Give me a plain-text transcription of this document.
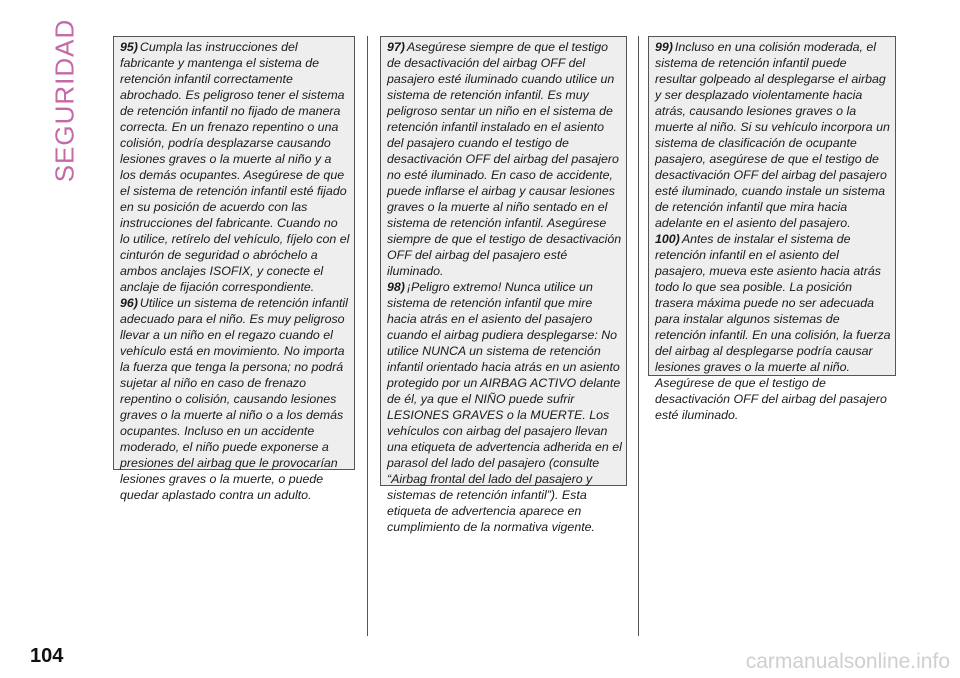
SEGURIDAD	95) Cumpla las instrucciones del fabricante y mantenga el sistema de retención infantil correctamente abrochado. Es peligroso tener el sistema de retención infantil no fijado de manera correcta. En un frenazo repentino o una colisión, podría desplazarse causando lesiones graves o la muerte al niño y a los demás ocupantes. Asegúrese de que el sistema de retención infantil esté fijado en su posición de acuerdo con las instrucciones del fabricante. Cuando no lo utilice, retírelo del vehículo, fíjelo con el cinturón de seguridad o abróchelo a ambos anclajes ISOFIX, y conecte el anclaje de fijación correspondiente.

96) Utilice un sistema de retención infantil adecuado para el niño. Es muy peligroso llevar a un niño en el regazo cuando el vehículo está en movimiento. No importa la fuerza que tenga la persona; no podrá sujetar al niño en caso de frenazo repentino o colisión, causando lesiones graves o la muerte al niño o a los demás ocupantes. Incluso en un accidente moderado, el niño puede exponerse a presiones del airbag que le provocarían lesiones graves o la muerte, o puede quedar aplastado contra un adulto.

97) Asegúrese siempre de que el testigo de desactivación del airbag OFF del pasajero esté iluminado cuando utilice un sistema de retención infantil. Es muy peligroso sentar un niño en el sistema de retención infantil instalado en el asiento del pasajero cuando el testigo de desactivación OFF del airbag del pasajero no esté iluminado. En caso de accidente, puede inflarse el airbag y causar lesiones graves o la muerte al niño sentado en el sistema de retención infantil. Asegúrese siempre de que el testigo de desactivación OFF del airbag del pasajero esté iluminado.

98) ¡Peligro extremo! Nunca utilice un sistema de retención infantil que mire hacia atrás en el asiento del pasajero cuando el airbag pudiera desplegarse: No utilice NUNCA un sistema de retención infantil orientado hacia atrás en un asiento protegido por un AIRBAG ACTIVO delante de él, ya que el NIÑO puede sufrir LESIONES GRAVES o la MUERTE. Los vehículos con airbag del pasajero llevan una etiqueta de advertencia adherida en el parasol del lado del pasajero (consulte “Airbag frontal del lado del pasajero y sistemas de retención infantil”). Esta etiqueta de advertencia aparece en cumplimiento de la normativa vigente.

99) Incluso en una colisión moderada, el sistema de retención infantil puede resultar golpeado al desplegarse el airbag y ser desplazado violentamente hacia atrás, causando lesiones graves o la muerte al niño. Si su vehículo incorpora un sistema de clasificación de ocupante pasajero, asegúrese de que el testigo de desactivación OFF del airbag del pasajero esté iluminado, cuando instale un sistema de retención infantil que mira hacia adelante en el asiento del pasajero.

100) Antes de instalar el sistema de retención infantil en el asiento del pasajero, mueva este asiento hacia atrás todo lo que sea posible. La posición trasera máxima puede no ser adecuada para instalar algunos sistemas de retención infantil. En una colisión, la fuerza del airbag al desplegarse podría causar lesiones graves o la muerte al niño. Asegúrese de que el testigo de desactivación OFF del airbag del pasajero esté iluminado.

104	carmanualsonline.info
